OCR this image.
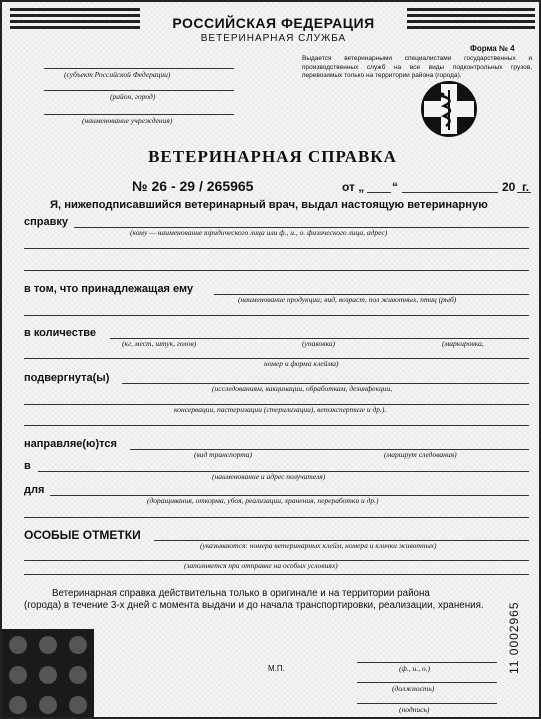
РОССИЙСКАЯ ФЕДЕРАЦИЯ
ВЕТЕРИНАРНАЯ СЛУЖБА
Форма № 4
Выдается ветеринарными специалистами государственных и производственных служб на все виды подконтрольных грузов, перевозимых только на территории района (города).
(субъект Российской Федерации)
(район, город)
(наименование учреждения)
ВЕТЕРИНАРНАЯ СПРАВКА
№ 26 - 29 / 265965	от „ “	20 г.
Я, нижеподписавшийся ветеринарный врач, выдал настоящую ветеринарную
справку
(кому — наименование юридического лица или ф., и., о. физического лица, адрес)
в том, что принадлежащая ему
(наименование продукции; вид, возраст, пол животных, птиц (рыб)
в количестве
(кг, мест, штук, голов)	(упаковка)	(маркировка,
номер и форма клейма)
подвергнута(ы)
(исследованиям, вакцинации, обработкам, дезинфекции,
консервации, пастеризации (стерилизации), ветэкспертизе и др.).
направляе(ю)тся
(вид транспорта)	(маршрут следования)
в
(наименование и адрес получателя)
для
(доращивания, откорма, убоя, реализации, хранения, переработки и др.)
ОСОБЫЕ ОТМЕТКИ
(указываются: номера ветеринарных клейм, номера и клички животных)
(заполняется при отправке на особых условиях)
Ветеринарная справка действительна только в оригинале и на территории района
(города) в течение 3-х дней с момента выдачи и до начала транспортировки, реализации, хранения.
М.П.	(ф., и., о.)
(должность)
(подпись)
11 0002965
